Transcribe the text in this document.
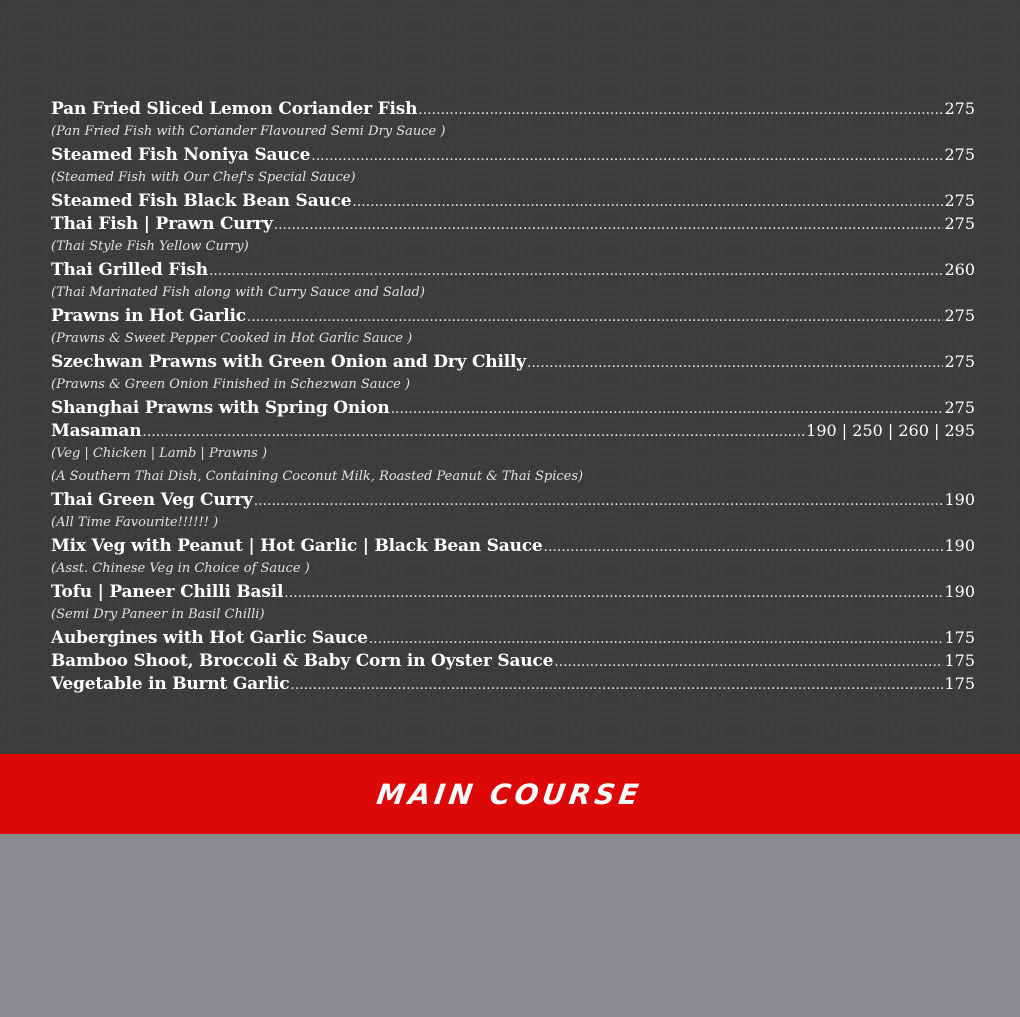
Pan Fried Sliced Lemon Coriander Fish .....	275
(Pan Fried Fish with Coriander Flavoured Semi Dry Sauce )
Steamed Fish Noniya Sauce .....	275
(Steamed Fish with Our Chef's Special Sauce)
Steamed Fish Black Bean Sauce .....	275
Thai Fish | Prawn Curry .....	275
(Thai Style Fish Yellow Curry)
Thai Grilled Fish .....	260
(Thai Marinated Fish along with Curry Sauce and Salad)
Prawns in Hot Garlic .....	275
(Prawns & Sweet Pepper Cooked in Hot Garlic Sauce )
Szechwan Prawns with Green Onion and Dry Chilly .....	275
(Prawns & Green Onion Finished in Schezwan Sauce )
Shanghai Prawns with Spring Onion .....	275
Masaman .....	190 | 250 | 260 | 295
(Veg | Chicken | Lamb | Prawns )
(A Southern Thai Dish, Containing Coconut Milk, Roasted Peanut & Thai Spices)
Thai Green Veg Curry .....	190
(All Time Favourite!!!!!! )
Mix Veg with Peanut | Hot Garlic | Black Bean Sauce .....	190
(Asst. Chinese Veg in Choice of Sauce )
Tofu | Paneer Chilli Basil .....	190
(Semi Dry Paneer in Basil Chilli)
Aubergines with Hot Garlic Sauce .....	175
Bamboo Shoot, Broccoli & Baby Corn in Oyster Sauce .....	175
Vegetable in Burnt Garlic .....	175
MAIN COURSE
